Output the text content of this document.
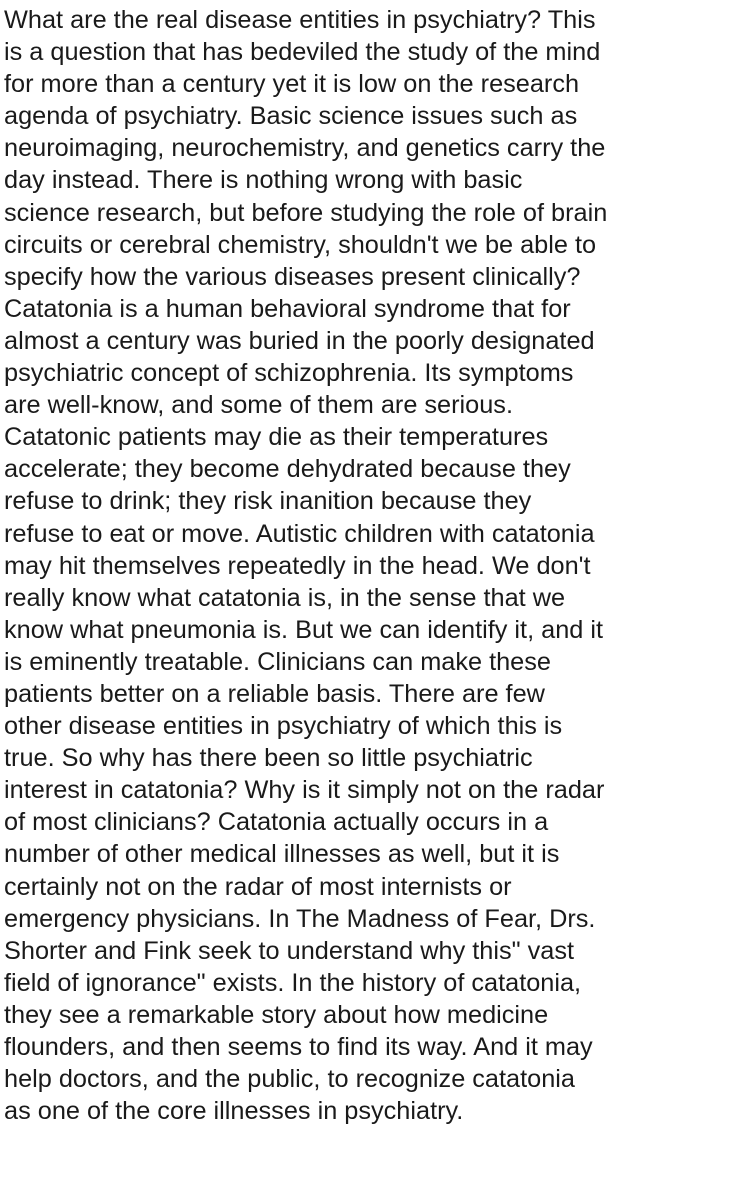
What are the real disease entities in psychiatry? This
is a question that has bedeviled the study of the mind
for more than a century yet it is low on the research
agenda of psychiatry. Basic science issues such as
neuroimaging, neurochemistry, and genetics carry the
day instead. There is nothing wrong with basic
science research, but before studying the role of brain
circuits or cerebral chemistry, shouldn't we be able to
specify how the various diseases present clinically?
Catatonia is a human behavioral syndrome that for
almost a century was buried in the poorly designated
psychiatric concept of schizophrenia. Its symptoms
are well-know, and some of them are serious.
Catatonic patients may die as their temperatures
accelerate; they become dehydrated because they
refuse to drink; they risk inanition because they
refuse to eat or move. Autistic children with catatonia
may hit themselves repeatedly in the head. We don't
really know what catatonia is, in the sense that we
know what pneumonia is. But we can identify it, and it
is eminently treatable. Clinicians can make these
patients better on a reliable basis. There are few
other disease entities in psychiatry of which this is
true. So why has there been so little psychiatric
interest in catatonia? Why is it simply not on the radar
of most clinicians? Catatonia actually occurs in a
number of other medical illnesses as well, but it is
certainly not on the radar of most internists or
emergency physicians. In The Madness of Fear, Drs.
Shorter and Fink seek to understand why this" vast
field of ignorance" exists. In the history of catatonia,
they see a remarkable story about how medicine
flounders, and then seems to find its way. And it may
help doctors, and the public, to recognize catatonia
as one of the core illnesses in psychiatry.
